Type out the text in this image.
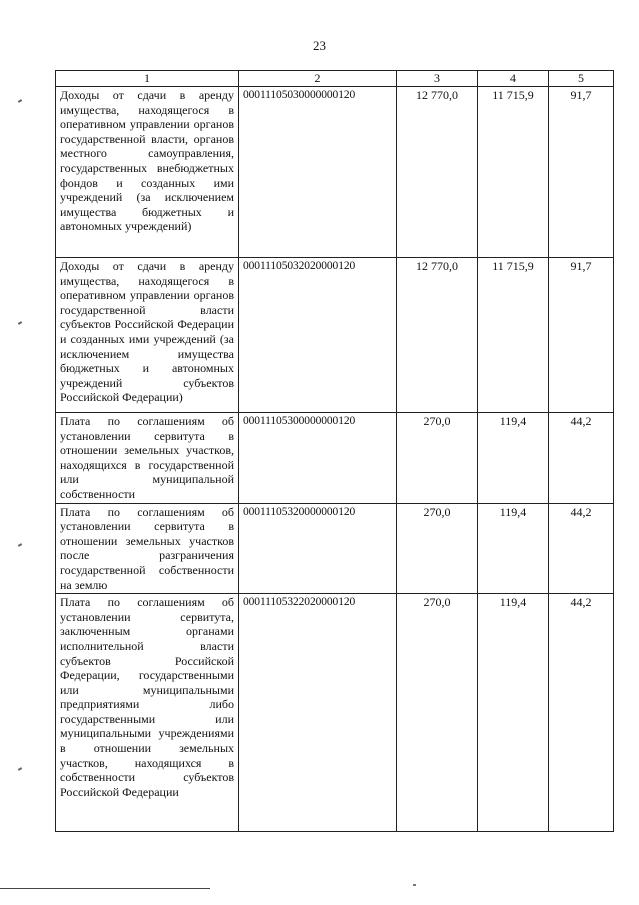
23
1	2	3	4	5
Доходы от сдачи в аренду имущества, находящегося в оперативном управлении органов государственной власти, органов местного самоуправления, государственных внебюджетных фондов и созданных ими учреждений (за исключением имущества бюджетных и автономных учреждений)	00011105030000000120	12 770,0	11 715,9	91,7
Доходы от сдачи в аренду имущества, находящегося в оперативном управлении органов государственной власти субъектов Российской Федерации и созданных ими учреждений (за исключением имущества бюджетных и автономных учреждений субъектов Российской Федерации)	00011105032020000120	12 770,0	11 715,9	91,7
Плата по соглашениям об установлении сервитута в отношении земельных участков, находящихся в государственной или муниципальной собственности	00011105300000000120	270,0	119,4	44,2
Плата по соглашениям об установлении сервитута в отношении земельных участков после разграничения государственной собственности на землю	00011105320000000120	270,0	119,4	44,2
Плата по соглашениям об установлении сервитута, заключенным органами исполнительной власти субъектов Российской Федерации, государственными или муниципальными предприятиями либо государственными или муниципальными учреждениями в отношении земельных участков, находящихся в собственности субъектов Российской Федерации	00011105322020000120	270,0	119,4	44,2
